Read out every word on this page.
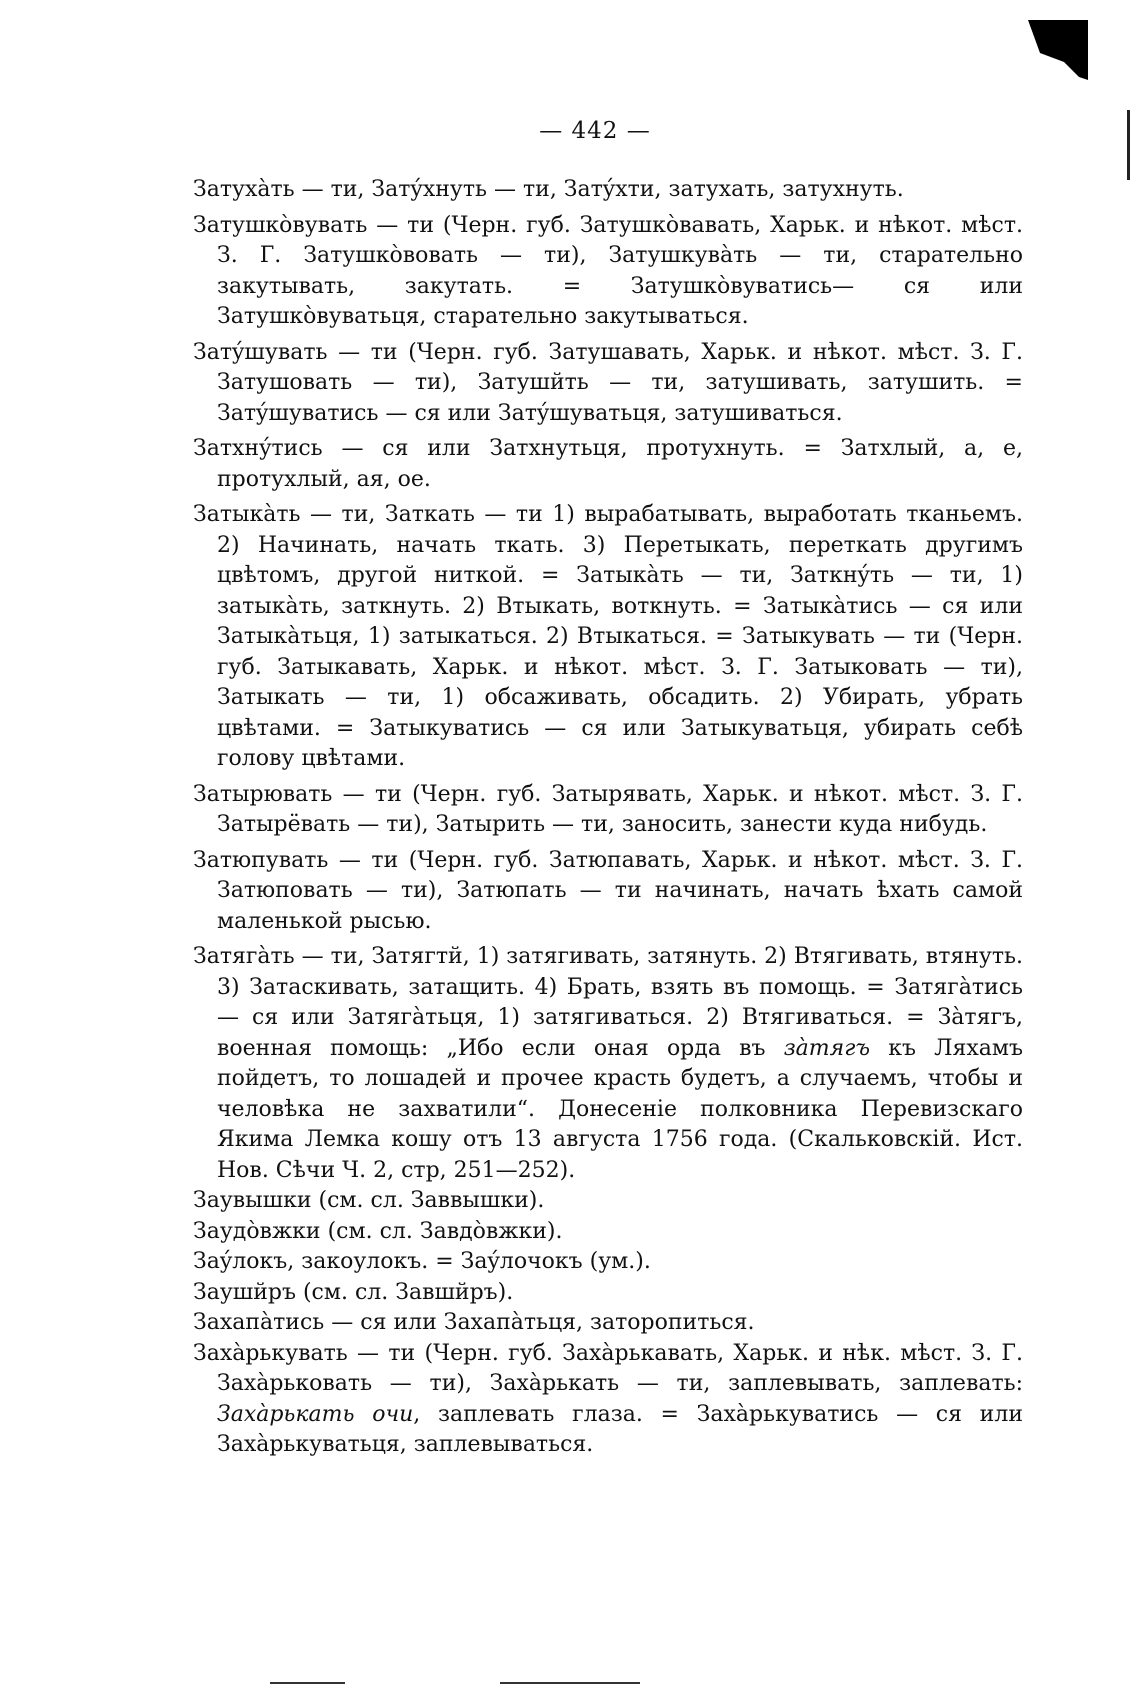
— 442 —

Затухàть — ти, Затýхнуть — ти, Затýхти, затухать, затухнуть.

Затушкòвувать — ти (Черн. губ. Затушкòвавать, Харьк. и нѣкот. мѣст. З. Г. Затушкòвовать — ти), Затушкувàть — ти, старательно закутывать, закутать. = Затушкòвуватись— ся или Затушкòвуватьця, старательно закутываться.

Затýшувать — ти (Черн. губ. Затушавать, Харьк. и нѣкот. мѣст. З. Г. Затушовать — ти), Затушйть — ти, затушивать, затушить. = Затýшуватись — ся или Затýшуватьця, затушиваться.

Затхнýтись — ся или Затхнутьця, протухнуть. = Затхлый, а, е, протухлый, ая, ое.

Затыкàть — ти, Заткать — ти 1) вырабатывать, выработать тканьемъ. 2) Начинать, начать ткать. 3) Перетыкать, переткать другимъ цвѣтомъ, другой ниткой. = Затыкàть — ти, Заткнýть — ти, 1) затыкàть, заткнуть. 2) Втыкать, воткнуть. = Затыкàтись — ся или Затыкàтьця, 1) затыкаться. 2) Втыкаться. = Затыкувать — ти (Черн. губ. Затыкавать, Харьк. и нѣкот. мѣст. З. Г. Затыковать — ти), Затыкать — ти, 1) обсаживать, обсадить. 2) Убирать, убрать цвѣтами. = Затыкуватись — ся или Затыкуватьця, убирать себѣ голову цвѣтами.

Затырювать — ти (Черн. губ. Затырявать, Харьк. и нѣкот. мѣст. З. Г. Затырёвать — ти), Затырить — ти, заносить, занести куда нибудь.

Затюпувать — ти (Черн. губ. Затюпавать, Харьк. и нѣкот. мѣст. З. Г. Затюповать — ти), Затюпать — ти начинать, начать ѣхать самой маленькой рысью.

Затягàть — ти, Затягтй, 1) затягивать, затянуть. 2) Втягивать, втянуть. 3) Затаскивать, затащить. 4) Брать, взять въ помощь. = Затягàтись — ся или Затягàтьця, 1) затягиваться. 2) Втягиваться. = Зàтягъ, военная помощь: „Ибо если оная орда въ зàтягъ къ Ляхамъ пойдетъ, то лошадей и прочее красть будетъ, а случаемъ, чтобы и человѣка не захватили“. Донесеніе полковника Перевизскаго Якима Лемка кошу отъ 13 августа 1756 года. (Скальковскій. Ист. Нов. Сѣчи Ч. 2, стр, 251—252).

Заувышки (см. сл. Заввышки).

Заудòвжки (см. сл. Завдòвжки).

Заýлокъ, закоулокъ. = Заýлочокъ (ум.).

Заушйръ (см. сл. Завшйръ).

Захапàтись — ся или Захапàтьця, заторопиться.

Захàрькувать — ти (Черн. губ. Захàрькавать, Харьк. и нѣк. мѣст. З. Г. Захàрьковать — ти), Захàрькать — ти, заплевывать, заплевать: Захàрькать очи, заплевать глаза. = Захàрькуватись — ся или Захàрькуватьця, заплевываться.
